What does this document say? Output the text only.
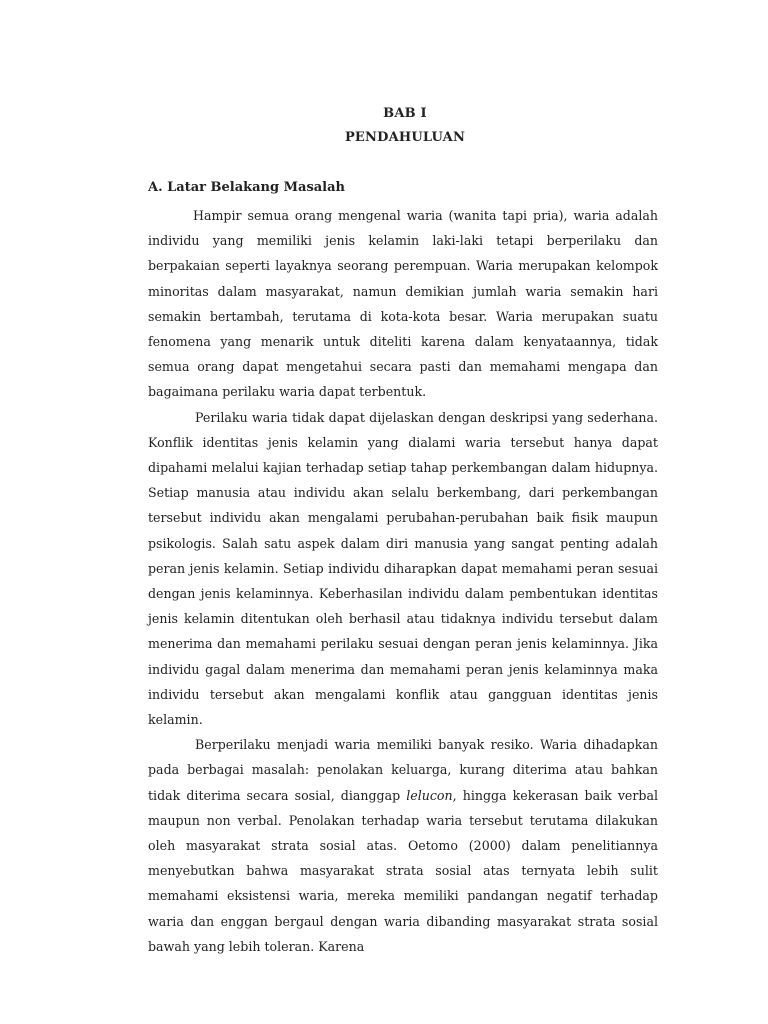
BAB I
PENDAHULUAN
A. Latar Belakang Masalah

Hampir semua orang mengenal waria (wanita tapi pria), waria adalah individu yang memiliki jenis kelamin laki-laki tetapi berperilaku dan berpakaian seperti layaknya seorang perempuan. Waria merupakan kelompok minoritas dalam masyarakat, namun demikian jumlah waria semakin hari semakin bertambah, terutama di kota-kota besar. Waria merupakan suatu fenomena yang menarik untuk diteliti karena dalam kenyataannya, tidak semua orang dapat mengetahui secara pasti dan memahami mengapa dan bagaimana perilaku waria dapat terbentuk.

Perilaku waria tidak dapat dijelaskan dengan deskripsi yang sederhana. Konflik identitas jenis kelamin yang dialami waria tersebut hanya dapat dipahami melalui kajian terhadap setiap tahap perkembangan dalam hidupnya. Setiap manusia atau individu akan selalu berkembang, dari perkembangan tersebut individu akan mengalami perubahan-perubahan baik fisik maupun psikologis. Salah satu aspek dalam diri manusia yang sangat penting adalah peran jenis kelamin. Setiap individu diharapkan dapat memahami peran sesuai dengan jenis kelaminnya. Keberhasilan individu dalam pembentukan identitas jenis kelamin ditentukan oleh berhasil atau tidaknya individu tersebut dalam menerima dan memahami perilaku sesuai dengan peran jenis kelaminnya. Jika individu gagal dalam menerima dan memahami peran jenis kelaminnya maka individu tersebut akan mengalami konflik atau gangguan identitas jenis kelamin.

Berperilaku menjadi waria memiliki banyak resiko. Waria dihadapkan pada berbagai masalah: penolakan keluarga, kurang diterima atau bahkan tidak diterima secara sosial, dianggap lelucon, hingga kekerasan baik verbal maupun non verbal. Penolakan terhadap waria tersebut terutama dilakukan oleh masyarakat strata sosial atas. Oetomo (2000) dalam penelitiannya menyebutkan bahwa masyarakat strata sosial atas ternyata lebih sulit memahami eksistensi waria, mereka memiliki pandangan negatif terhadap waria dan enggan bergaul dengan waria dibanding masyarakat strata sosial bawah yang lebih toleran. Karena
